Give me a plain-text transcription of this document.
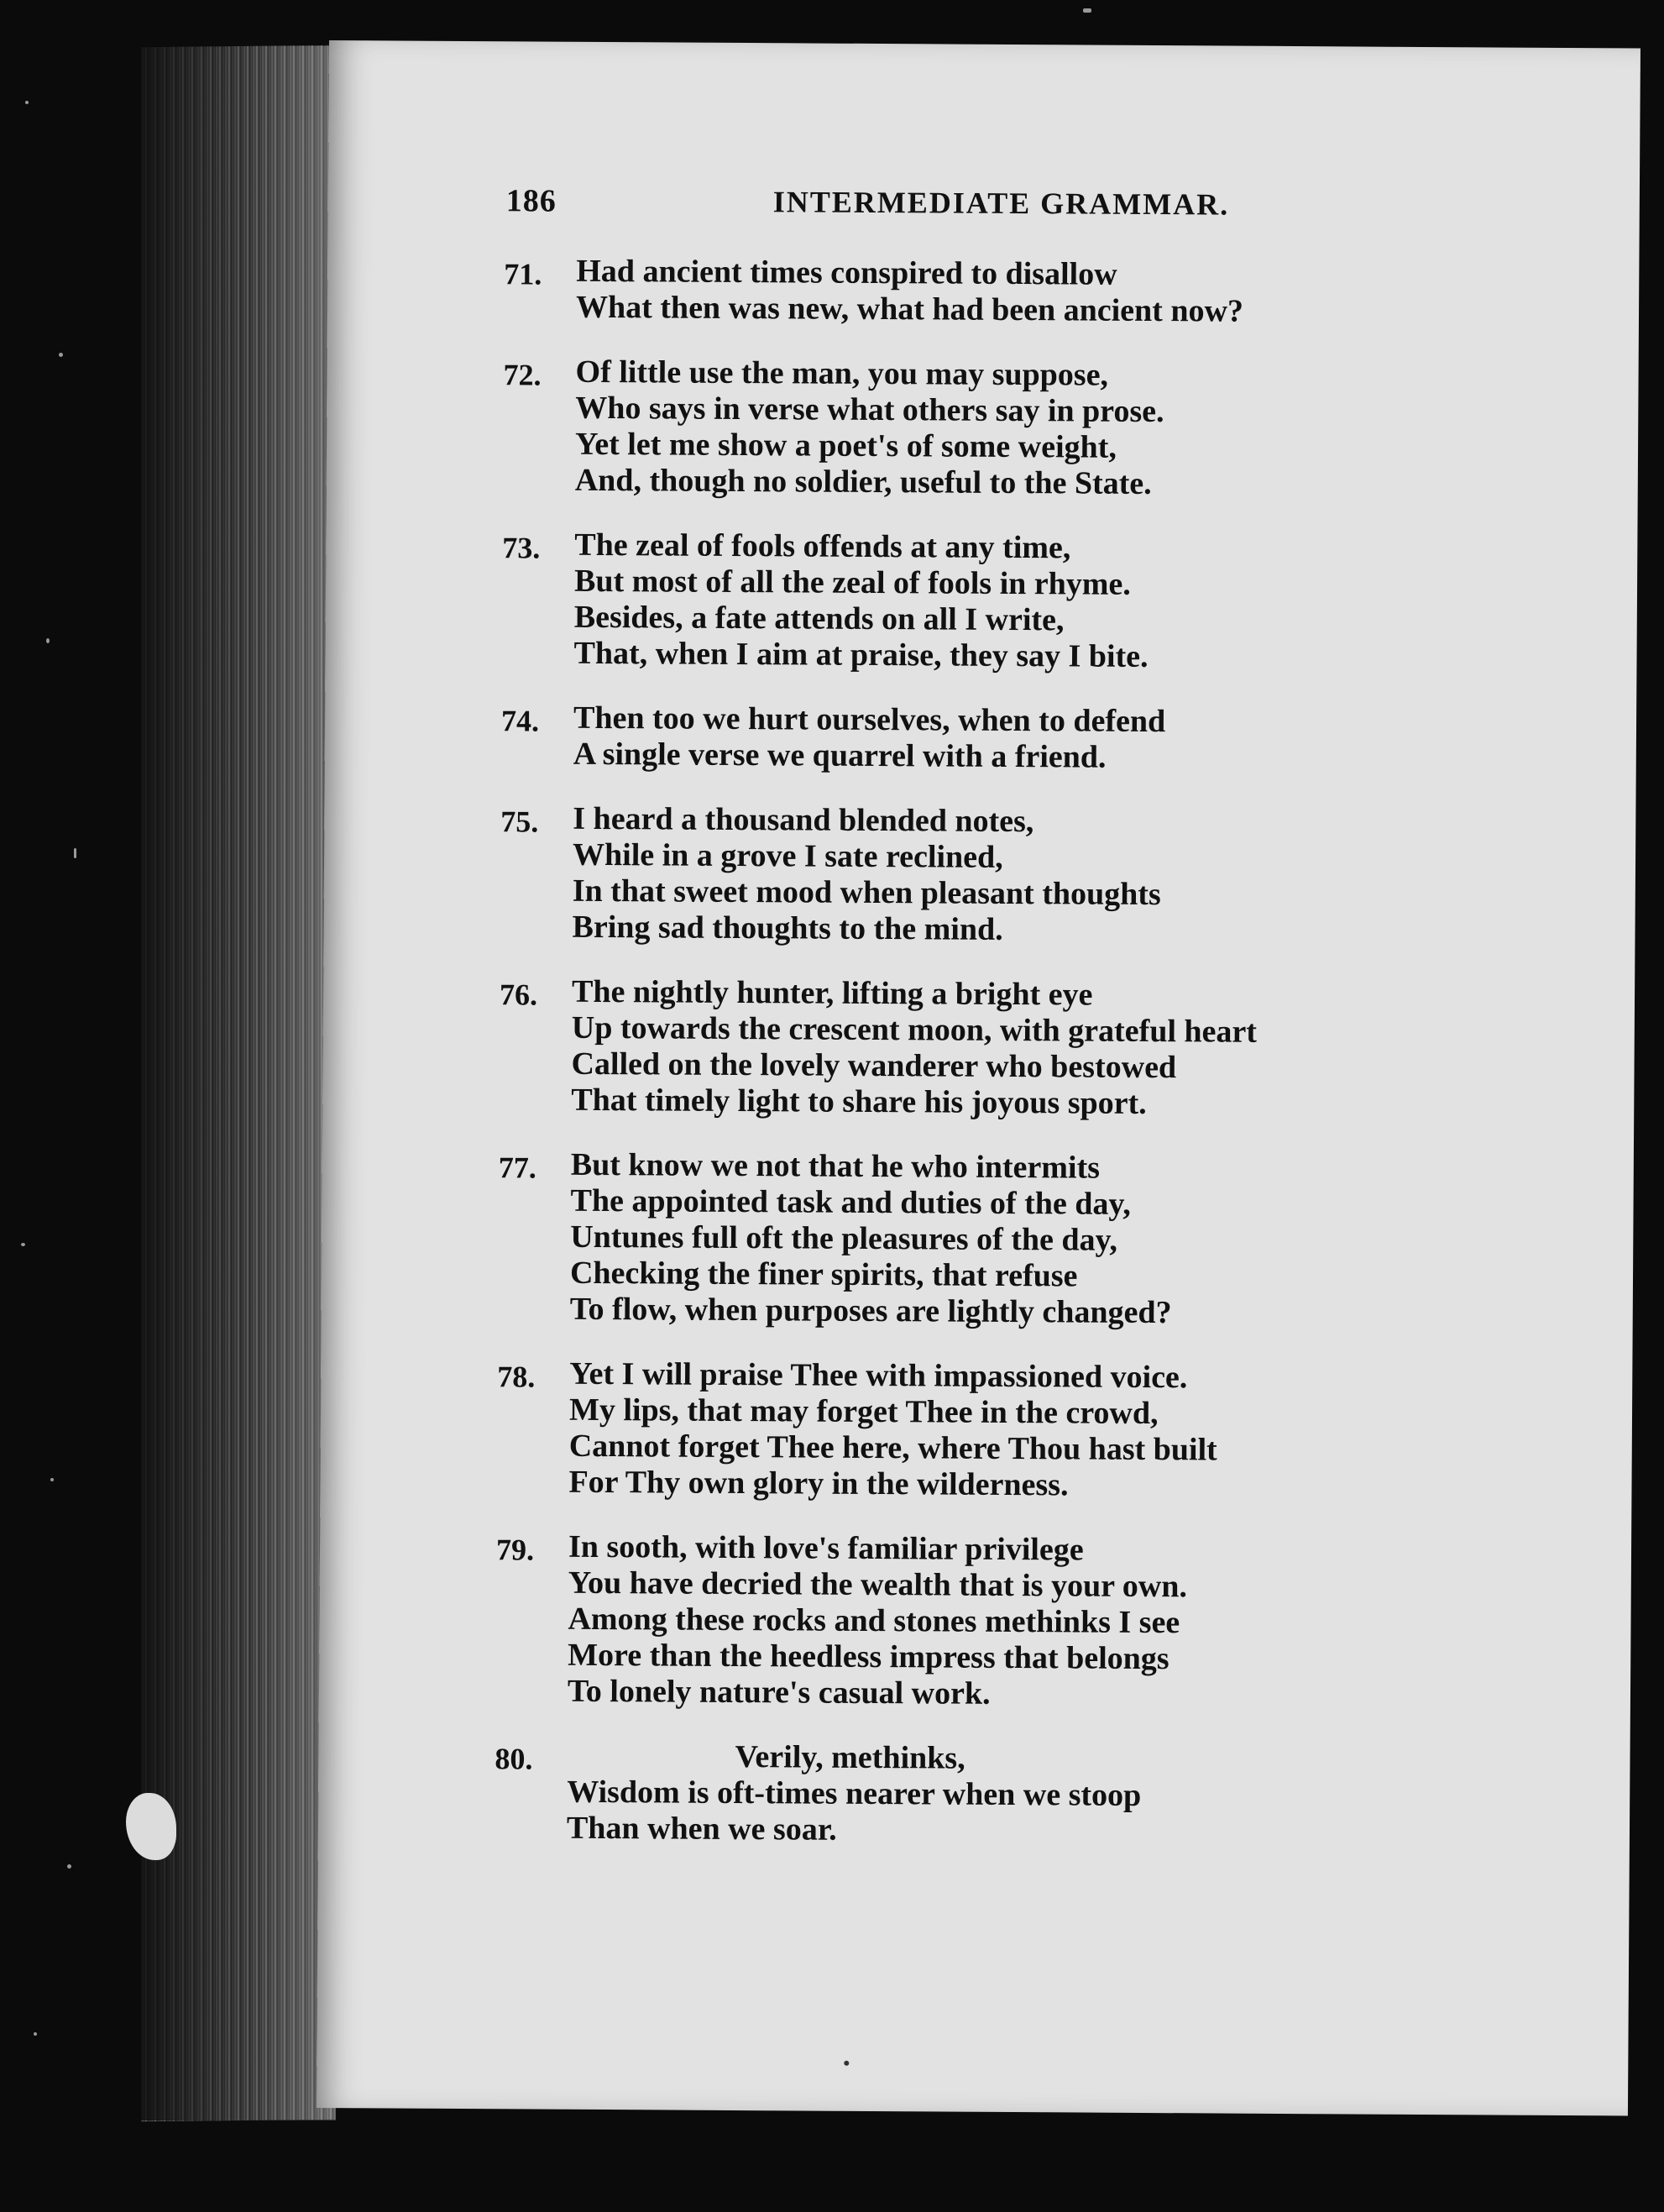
186	INTERMEDIATE GRAMMAR.
71. Had ancient times conspired to disallow
What then was new, what had been ancient now?
72. Of little use the man, you may suppose,
Who says in verse what others say in prose.
Yet let me show a poet's of some weight,
And, though no soldier, useful to the State.
73. The zeal of fools offends at any time,
But most of all the zeal of fools in rhyme.
Besides, a fate attends on all I write,
That, when I aim at praise, they say I bite.
74. Then too we hurt ourselves, when to defend
A single verse we quarrel with a friend.
75. I heard a thousand blended notes,
While in a grove I sate reclined,
In that sweet mood when pleasant thoughts
Bring sad thoughts to the mind.
76. The nightly hunter, lifting a bright eye
Up towards the crescent moon, with grateful heart
Called on the lovely wanderer who bestowed
That timely light to share his joyous sport.
77. But know we not that he who intermits
The appointed task and duties of the day,
Untunes full oft the pleasures of the day,
Checking the finer spirits, that refuse
To flow, when purposes are lightly changed?
78. Yet I will praise Thee with impassioned voice.
My lips, that may forget Thee in the crowd,
Cannot forget Thee here, where Thou hast built
For Thy own glory in the wilderness.
79. In sooth, with love's familiar privilege
You have decried the wealth that is your own.
Among these rocks and stones methinks I see
More than the heedless impress that belongs
To lonely nature's casual work.
80.	Verily, methinks,
Wisdom is oft-times nearer when we stoop
Than when we soar.
